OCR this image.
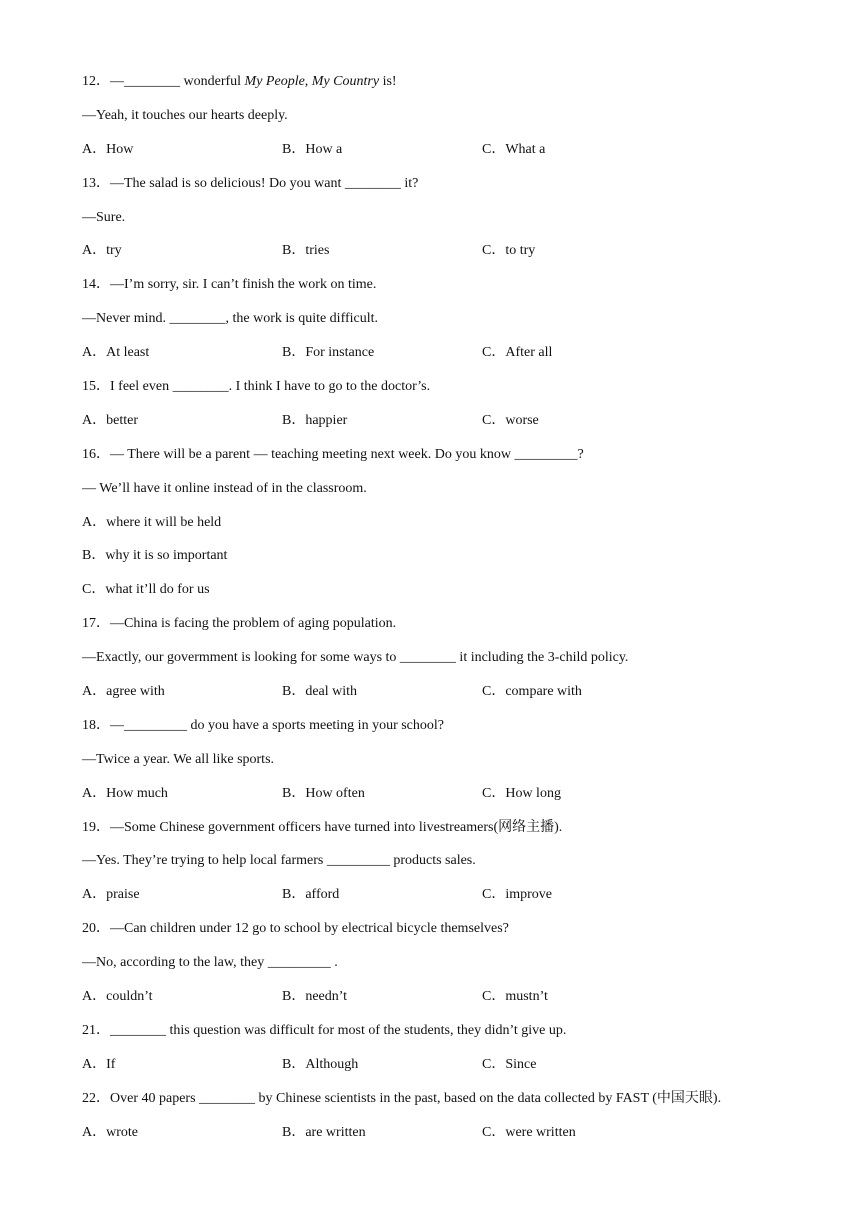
12．—________ wonderful My People, My Country is!
—Yeah, it touches our hearts deeply.
A．How	B．How a	C．What a
13．—The salad is so delicious! Do you want ________ it?
—Sure.
A．try	B．tries	C．to try
14．—I’m sorry, sir. I can’t finish the work on time.
—Never mind. ________, the work is quite difficult.
A．At least	B．For instance	C．After all
15．I feel even ________. I think I have to go to the doctor’s.
A．better	B．happier	C．worse
16．— There will be a parent — teaching meeting next week. Do you know _________?
— We’ll have it online instead of in the classroom.
A．where it will be held
B．why it is so important
C．what it’ll do for us
17．—China is facing the problem of aging population.
—Exactly, our govermment is looking for some ways to ________ it including the 3-child policy.
A．agree with	B．deal with	C．compare with
18．—_________ do you have a sports meeting in your school?
—Twice a year. We all like sports.
A．How much	B．How often	C．How long
19．—Some Chinese government officers have turned into livestreamers(网络主播).
—Yes. They’re trying to help local farmers _________ products sales.
A．praise	B．afford	C．improve
20．—Can children under 12 go to school by electrical bicycle themselves?
—No, according to the law, they _________ .
A．couldn’t	B．needn’t	C．mustn’t
21．________ this question was difficult for most of the students, they didn’t give up.
A．If	B．Although	C．Since
22．Over 40 papers ________ by Chinese scientists in the past, based on the data collected by FAST (中国天眼).
A．wrote	B．are written	C．were written
